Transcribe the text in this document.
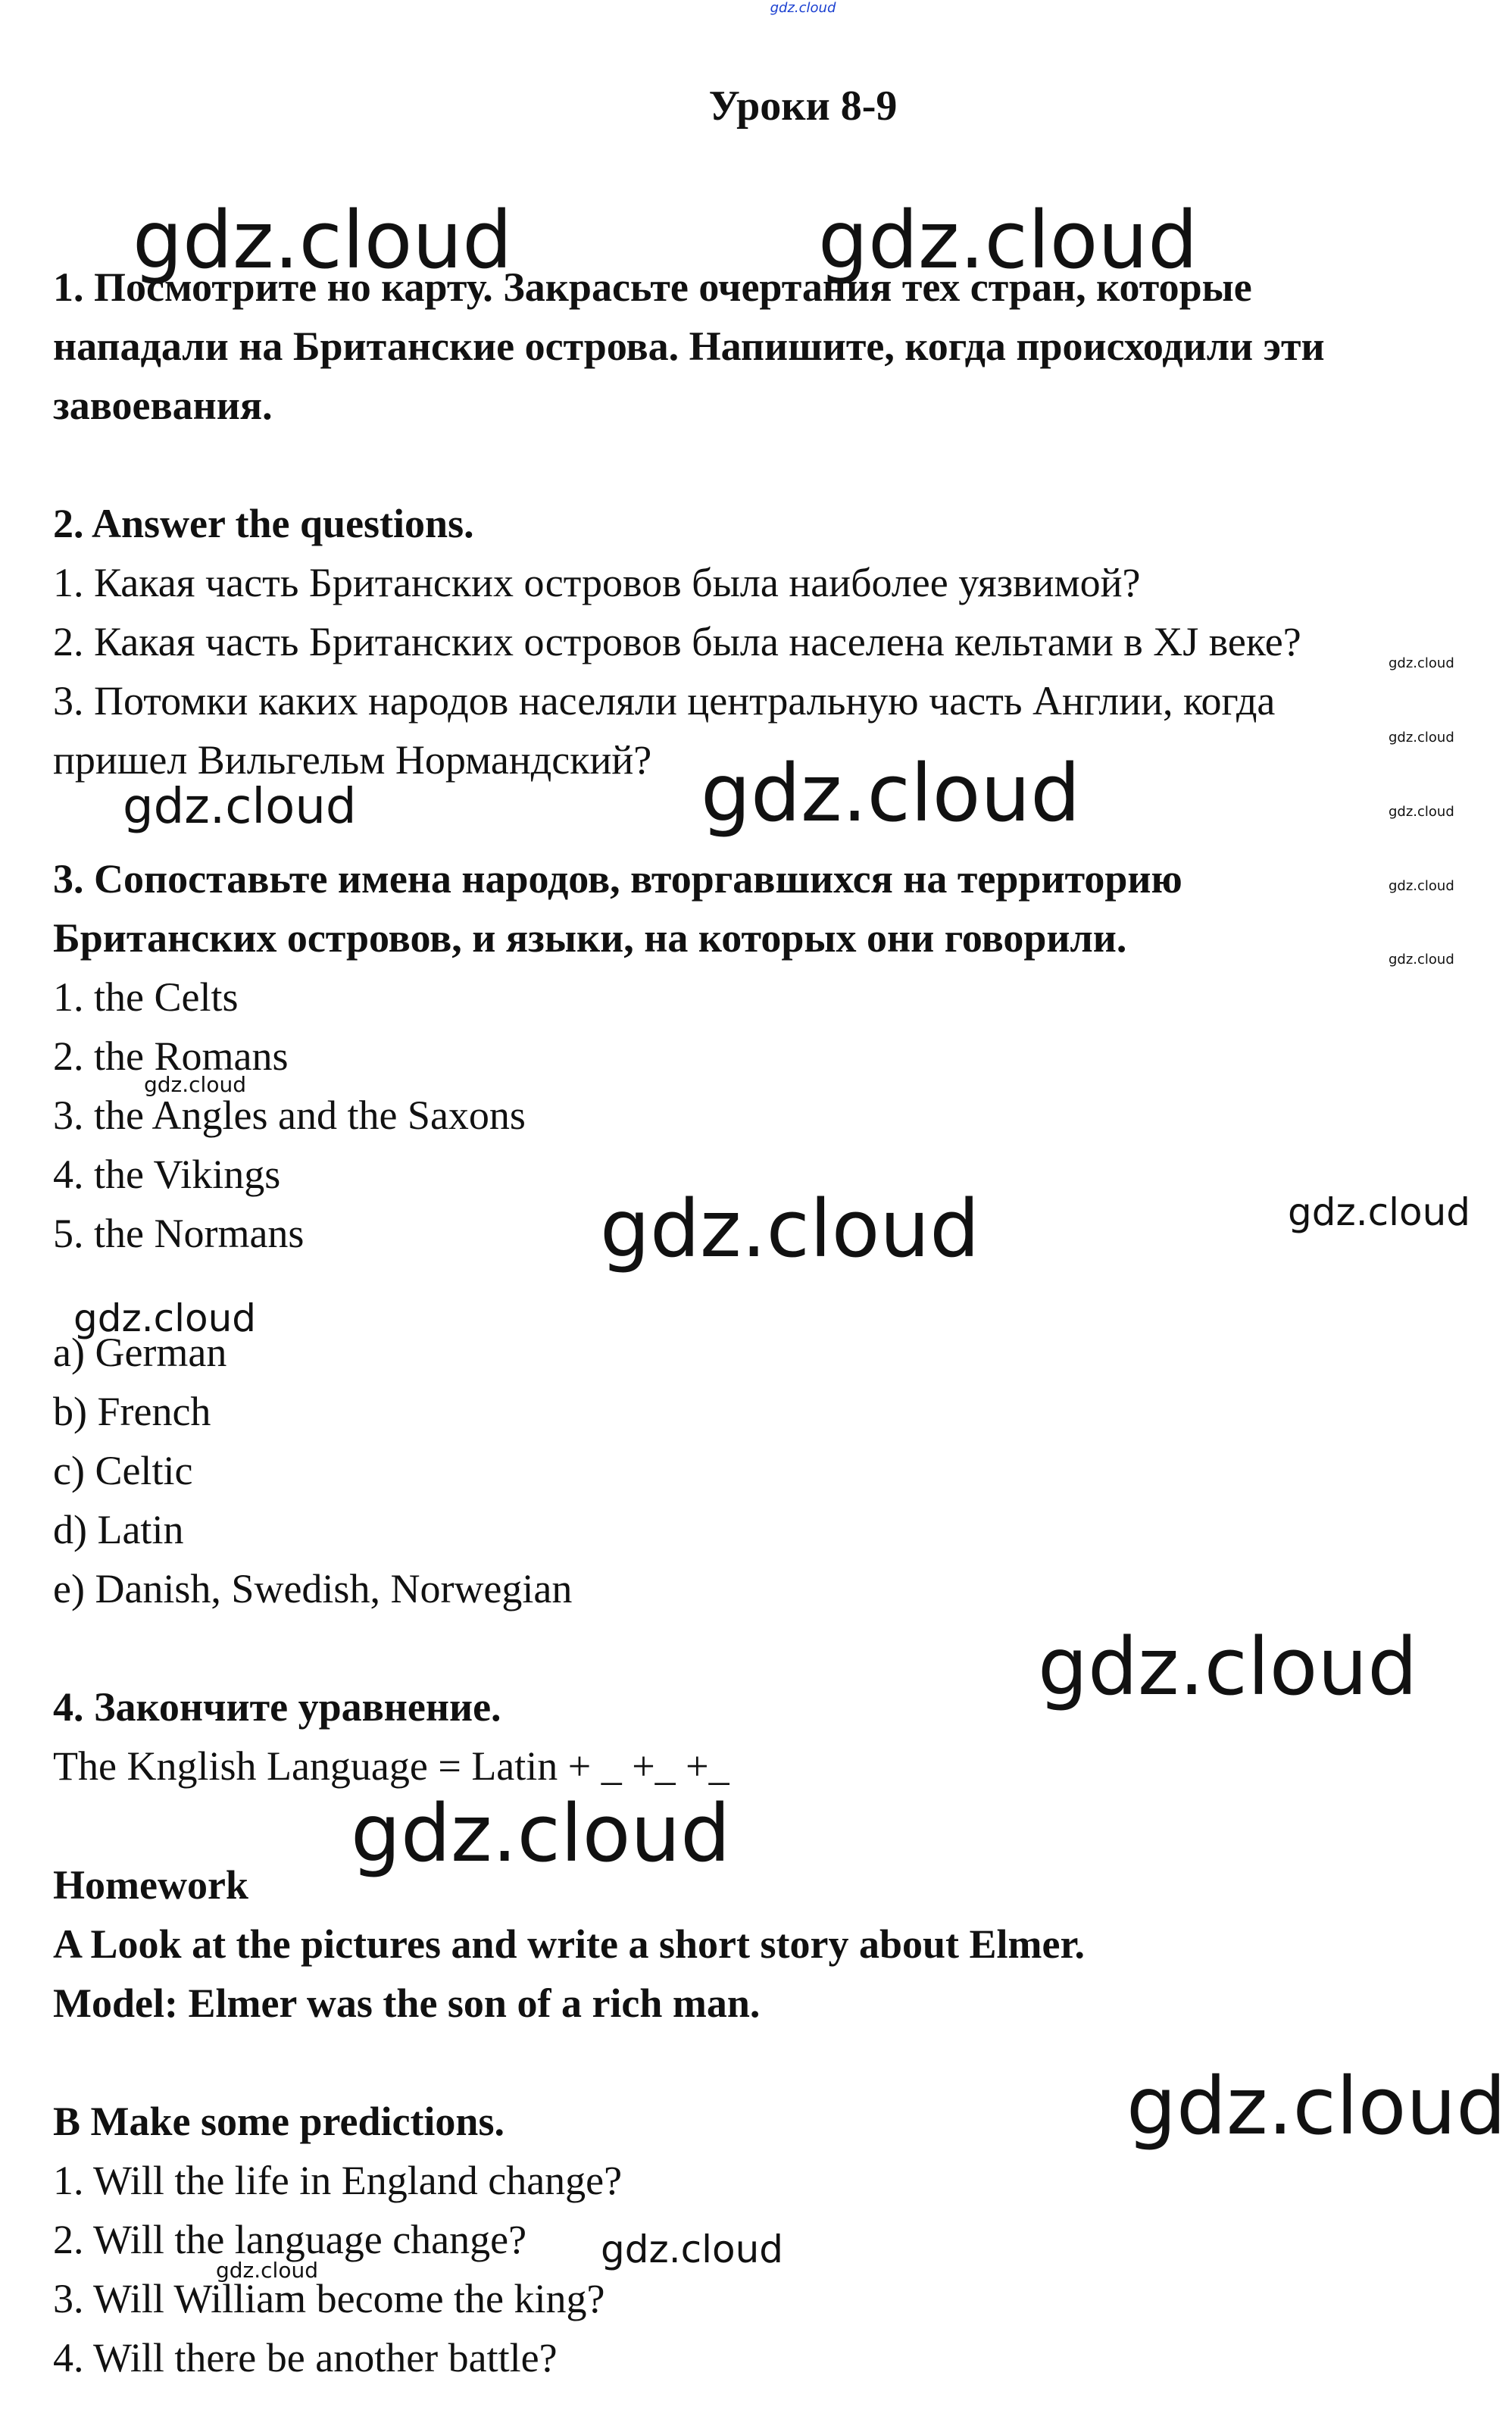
gdz.cloud
Уроки 8-9

1. Посмотрите но карту. Закрасьте очертания тех стран, которые

нападали на Британские острова. Напишите, когда происходили эти

завоевания.

2. Answer the questions.

1. Какая часть Британских островов была наиболее уязвимой?

2. Какая часть Британских островов была населена кельтами в XJ веке?

3. Потомки каких народов населяли центральную часть Англии, когда

пришел Вильгельм Нормандский?

3. Сопоставьте имена народов, вторгавшихся на территорию

Британских островов, и языки, на которых они говорили.

1. the Celts

2. the Romans

3. the Angles and the Saxons

4. the Vikings

5. the Normans

a) German

b) French

c) Celtic

d) Latin

e) Danish, Swedish, Norwegian

4. Закончите уравнение.

The Knglish Language = Latin + _ +_ +_

Homework

A Look at the pictures and write a short story about Elmer.

Model: Elmer was the son of a rich man.

B Make some predictions.

1. Will the life in England change?

2. Will the language change?

3. Will William become the king?

4. Will there be another battle?

gdz.cloud	gdz.cloud
gdz.cloud
gdz.cloud
gdz.cloud
gdz.cloud
gdz.cloud
gdz.cloud
gdz.cloud
gdz.cloud
gdz.cloud	gdz.cloud
gdz.cloud
gdz.cloud
gdz.cloud
gdz.cloud
gdz.cloud
gdz.cloud
